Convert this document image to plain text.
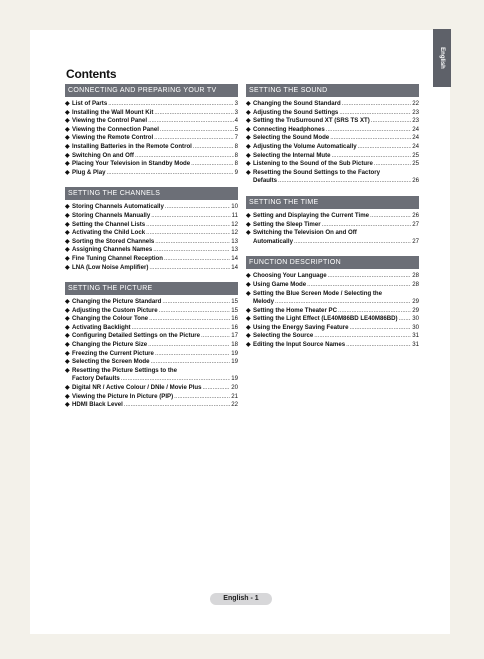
English
Contents
CONNECTING AND PREPARING YOUR TV
◆ List of Parts .....	3
◆ Installing the Wall Mount Kit .....	3
◆ Viewing the Control Panel .....	4
◆ Viewing the Connection Panel .....	5
◆ Viewing the Remote Control .....	7
◆ Installing Batteries in the Remote Control .....	8
◆ Switching On and Off .....	8
◆ Placing Your Television in Standby Mode .....	8
◆ Plug & Play .....	9
SETTING THE CHANNELS
◆ Storing Channels Automatically .....	10
◆ Storing Channels Manually .....	11
◆ Setting the Channel Lists .....	12
◆ Activating the Child Lock .....	12
◆ Sorting the Stored Channels .....	13
◆ Assigning Channels Names .....	13
◆ Fine Tuning Channel Reception .....	14
◆ LNA (Low Noise Amplifier) .....	14
SETTING THE PICTURE
◆ Changing the Picture Standard .....	15
◆ Adjusting the Custom Picture .....	15
◆ Changing the Colour Tone .....	16
◆ Activating Backlight .....	16
◆ Configuring Detailed Settings on the Picture .....	17
◆ Changing the Picture Size .....	18
◆ Freezing the Current Picture .....	19
◆ Selecting the Screen Mode .....	19
◆ Resetting the Picture Settings to the
Factory Defaults .....	19
◆ Digital NR / Active Colour / DNIe / Movie Plus .....	20
◆ Viewing the Picture In Picture (PIP) .....	21
◆ HDMI Black Level .....	22
SETTING THE SOUND
◆ Changing the Sound Standard .....	22
◆ Adjusting the Sound Settings .....	23
◆ Setting the TruSurround XT (SRS TS XT) .....	23
◆ Connecting Headphones .....	24
◆ Selecting the Sound Mode .....	24
◆ Adjusting the Volume Automatically .....	24
◆ Selecting the Internal Mute .....	25
◆ Listening to the Sound of the Sub Picture .....	25
◆ Resetting the Sound Settings to the Factory
Defaults .....	26
SETTING THE TIME
◆ Setting and Displaying the Current Time .....	26
◆ Setting the Sleep Timer .....	27
◆ Switching the Television On and Off
Automatically .....	27
FUNCTION DESCRIPTION
◆ Choosing Your Language .....	28
◆ Using Game Mode .....	28
◆ Setting the Blue Screen Mode / Selecting the
Melody .....	29
◆ Setting the Home Theater PC .....	29
◆ Setting the Light Effect (LE40M86BD LE40M86BD) ..... 30
◆ Using the Energy Saving Feature .....	30
◆ Selecting the Source .....	31
◆ Editing the Input Source Names .....	31
English - 1
